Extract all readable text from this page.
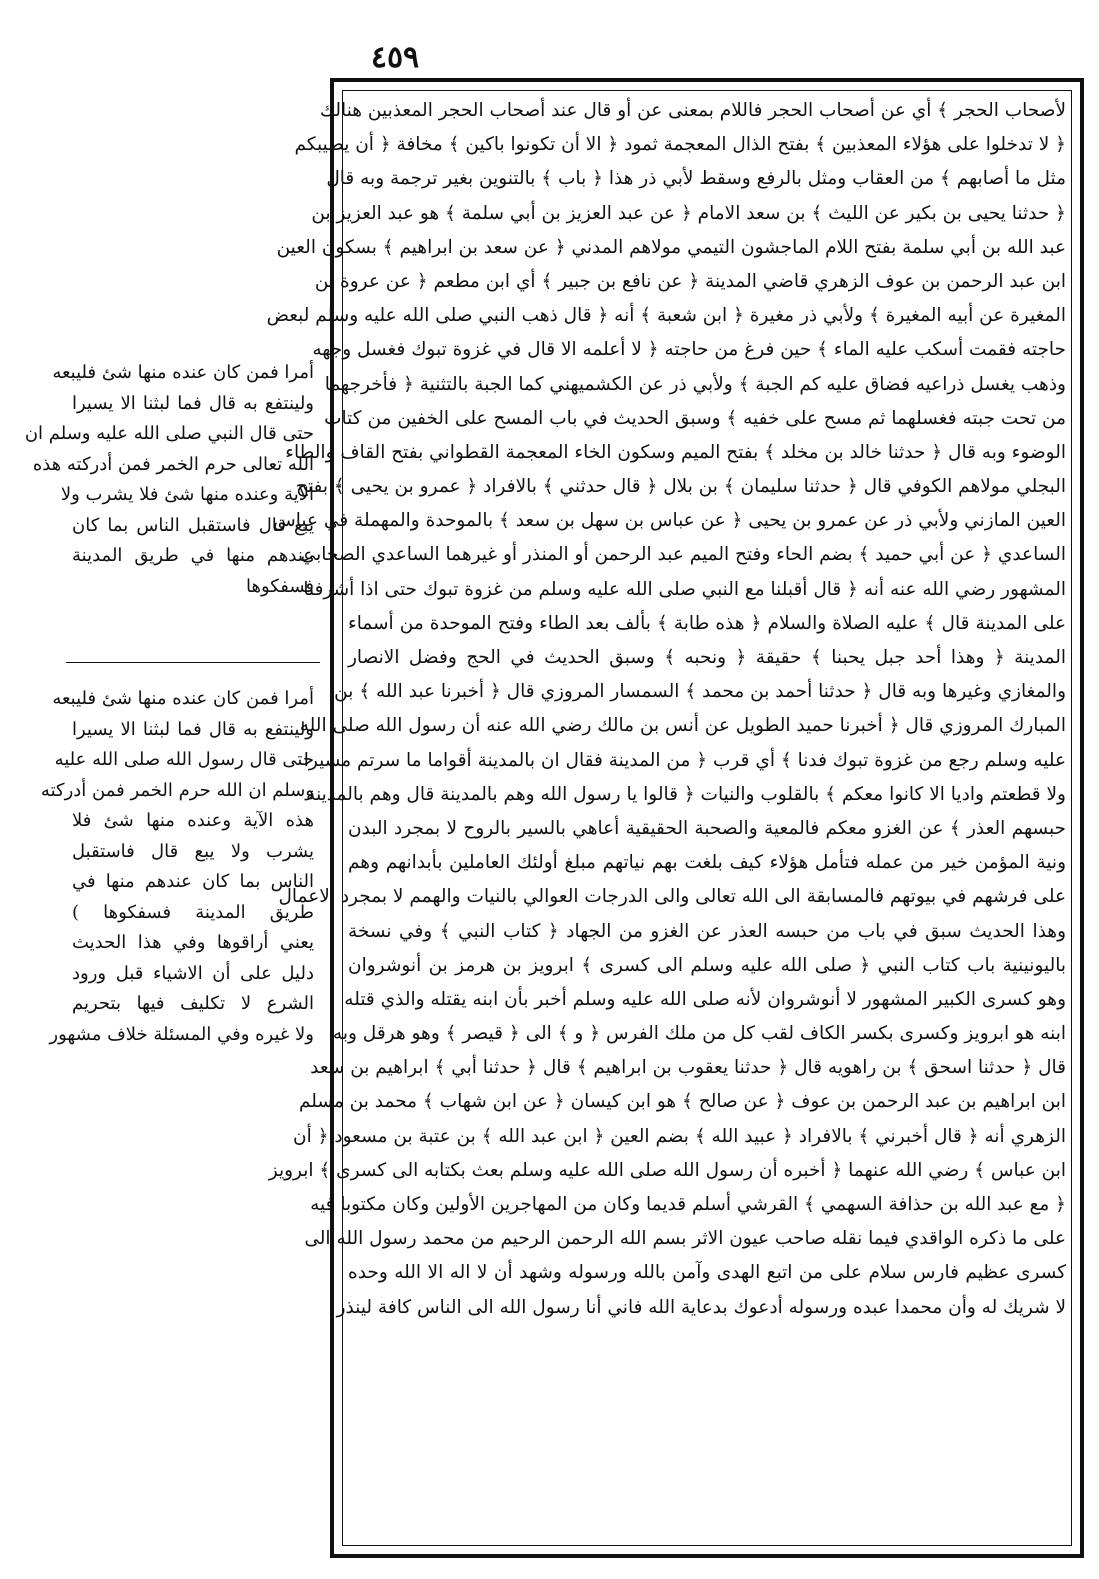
٤٥٩
أمرا فمن كان عنده منها شئ فليبعه
ولينتفع به قال فما لبثنا الا يسيرا
حتى قال النبي صلى الله عليه وسلم ان
الله تعالى حرم الخمر فمن أدركته هذه
الآية وعنده منها شئ فلا يشرب ولا
يبع قال فاستقبل الناس بما كان
عندهم منها في طريق المدينة
فسفكوها
أمرا فمن كان عنده منها شئ فليبعه
ولينتفع به قال فما لبثنا الا يسيرا
حتى قال رسول الله صلى الله عليه
وسلم ان الله حرم الخمر فمن أدركته
هذه الآية وعنده منها شئ فلا
يشرب ولا يبع قال فاستقبل
الناس بما كان عندهم منها في
طريق المدينة فسفكوها )
يعني أراقوها وفي هذا الحديث
دليل على أن الاشياء قبل ورود
الشرع لا تكليف فيها بتحريم
ولا غيره وفي المسئلة خلاف مشهور
لأصحاب الحجر ﴾ أي عن أصحاب الحجر فاللام بمعنى عن أو قال عند أصحاب الحجر المعذبين هنالك
﴿ لا تدخلوا على هؤلاء المعذبين ﴾ بفتح الذال المعجمة ثمود ﴿ الا أن تكونوا باكين ﴾ مخافة ﴿ أن يصيبكم
مثل ما أصابهم ﴾ من العقاب ومثل بالرفع وسقط لأبي ذر هذا ﴿ باب ﴾ بالتنوين بغير ترجمة وبه قال
﴿ حدثنا يحيى بن بكير عن الليث ﴾ بن سعد الامام ﴿ عن عبد العزيز بن أبي سلمة ﴾ هو عبد العزيز بن
عبد الله بن أبي سلمة بفتح اللام الماجشون التيمي مولاهم المدني ﴿ عن سعد بن ابراهيم ﴾ بسكون العين
ابن عبد الرحمن بن عوف الزهري قاضي المدينة ﴿ عن نافع بن جبير ﴾ أي ابن مطعم ﴿ عن عروة بن
المغيرة عن أبيه المغيرة ﴾ ولأبي ذر مغيرة ﴿ ابن شعبة ﴾ أنه ﴿ قال ذهب النبي صلى الله عليه وسلم لبعض
حاجته فقمت أسكب عليه الماء ﴾ حين فرغ من حاجته ﴿ لا أعلمه الا قال في غزوة تبوك فغسل وجهه
وذهب يغسل ذراعيه فضاق عليه كم الجبة ﴾ ولأبي ذر عن الكشميهني كما الجبة بالتثنية ﴿ فأخرجهما
من تحت جبته فغسلهما ثم مسح على خفيه ﴾ وسبق الحديث في باب المسح على الخفين من كتاب
الوضوء وبه قال ﴿ حدثنا خالد بن مخلد ﴾ بفتح الميم وسكون الخاء المعجمة القطواني بفتح القاف والطاء
البجلي مولاهم الكوفي قال ﴿ حدثنا سليمان ﴾ بن بلال ﴿ قال حدثني ﴾ بالافراد ﴿ عمرو بن يحيى ﴾ بفتح
العين المازني ولأبي ذر عن عمرو بن يحيى ﴿ عن عباس بن سهل بن سعد ﴾ بالموحدة والمهملة في عباس
الساعدي ﴿ عن أبي حميد ﴾ بضم الحاء وفتح الميم عبد الرحمن أو المنذر أو غيرهما الساعدي الصحابي
المشهور رضي الله عنه أنه ﴿ قال أقبلنا مع النبي صلى الله عليه وسلم من غزوة تبوك حتى اذا أشرفنا
على المدينة قال ﴾ عليه الصلاة والسلام ﴿ هذه طابة ﴾ بألف بعد الطاء وفتح الموحدة من أسماء
المدينة ﴿ وهذا أحد جبل يحبنا ﴾ حقيقة ﴿ ونحبه ﴾ وسبق الحديث في الحج وفضل الانصار
والمغازي وغيرها وبه قال ﴿ حدثنا أحمد بن محمد ﴾ السمسار المروزي قال ﴿ أخبرنا عبد الله ﴾ بن
المبارك المروزي قال ﴿ أخبرنا حميد الطويل عن أنس بن مالك رضي الله عنه أن رسول الله صلى الله
عليه وسلم رجع من غزوة تبوك فدنا ﴾ أي قرب ﴿ من المدينة فقال ان بالمدينة أقواما ما سرتم مسيرا
ولا قطعتم واديا الا كانوا معكم ﴾ بالقلوب والنيات ﴿ قالوا يا رسول الله وهم بالمدينة قال وهم بالمدينة
حبسهم العذر ﴾ عن الغزو معكم فالمعية والصحبة الحقيقية أعاهي بالسير بالروح لا بمجرد البدن
ونية المؤمن خير من عمله فتأمل هؤلاء كيف بلغت بهم نياتهم مبلغ أولئك العاملين بأبدانهم وهم
على فرشهم في بيوتهم فالمسابقة الى الله تعالى والى الدرجات العوالي بالنيات والهمم لا بمجرد الاعمال
وهذا الحديث سبق في باب من حبسه العذر عن الغزو من الجهاد ﴿ كتاب النبي ﴾ وفي نسخة
باليونينية باب كتاب النبي ﴿ صلى الله عليه وسلم الى كسرى ﴾ ابرويز بن هرمز بن أنوشروان
وهو كسرى الكبير المشهور لا أنوشروان لأنه صلى الله عليه وسلم أخبر بأن ابنه يقتله والذي قتله
ابنه هو ابرويز وكسرى بكسر الكاف لقب كل من ملك الفرس ﴿ و ﴾ الى ﴿ قيصر ﴾ وهو هرقل وبه
قال ﴿ حدثنا اسحق ﴾ بن راهويه قال ﴿ حدثنا يعقوب بن ابراهيم ﴾ قال ﴿ حدثنا أبي ﴾ ابراهيم بن سعد
ابن ابراهيم بن عبد الرحمن بن عوف ﴿ عن صالح ﴾ هو ابن كيسان ﴿ عن ابن شهاب ﴾ محمد بن مسلم
الزهري أنه ﴿ قال أخبرني ﴾ بالافراد ﴿ عبيد الله ﴾ بضم العين ﴿ ابن عبد الله ﴾ بن عتبة بن مسعود ﴿ أن
ابن عباس ﴾ رضي الله عنهما ﴿ أخبره أن رسول الله صلى الله عليه وسلم بعث بكتابه الى كسرى ﴾ ابرويز
﴿ مع عبد الله بن حذافة السهمي ﴾ القرشي أسلم قديما وكان من المهاجرين الأولين وكان مكتوبا فيه
على ما ذكره الواقدي فيما نقله صاحب عيون الاثر بسم الله الرحمن الرحيم من محمد رسول الله الى
كسرى عظيم فارس سلام على من اتبع الهدى وآمن بالله ورسوله وشهد أن لا اله الا الله وحده
لا شريك له وأن محمدا عبده ورسوله أدعوك بدعاية الله فاني أنا رسول الله الى الناس كافة لينذر
